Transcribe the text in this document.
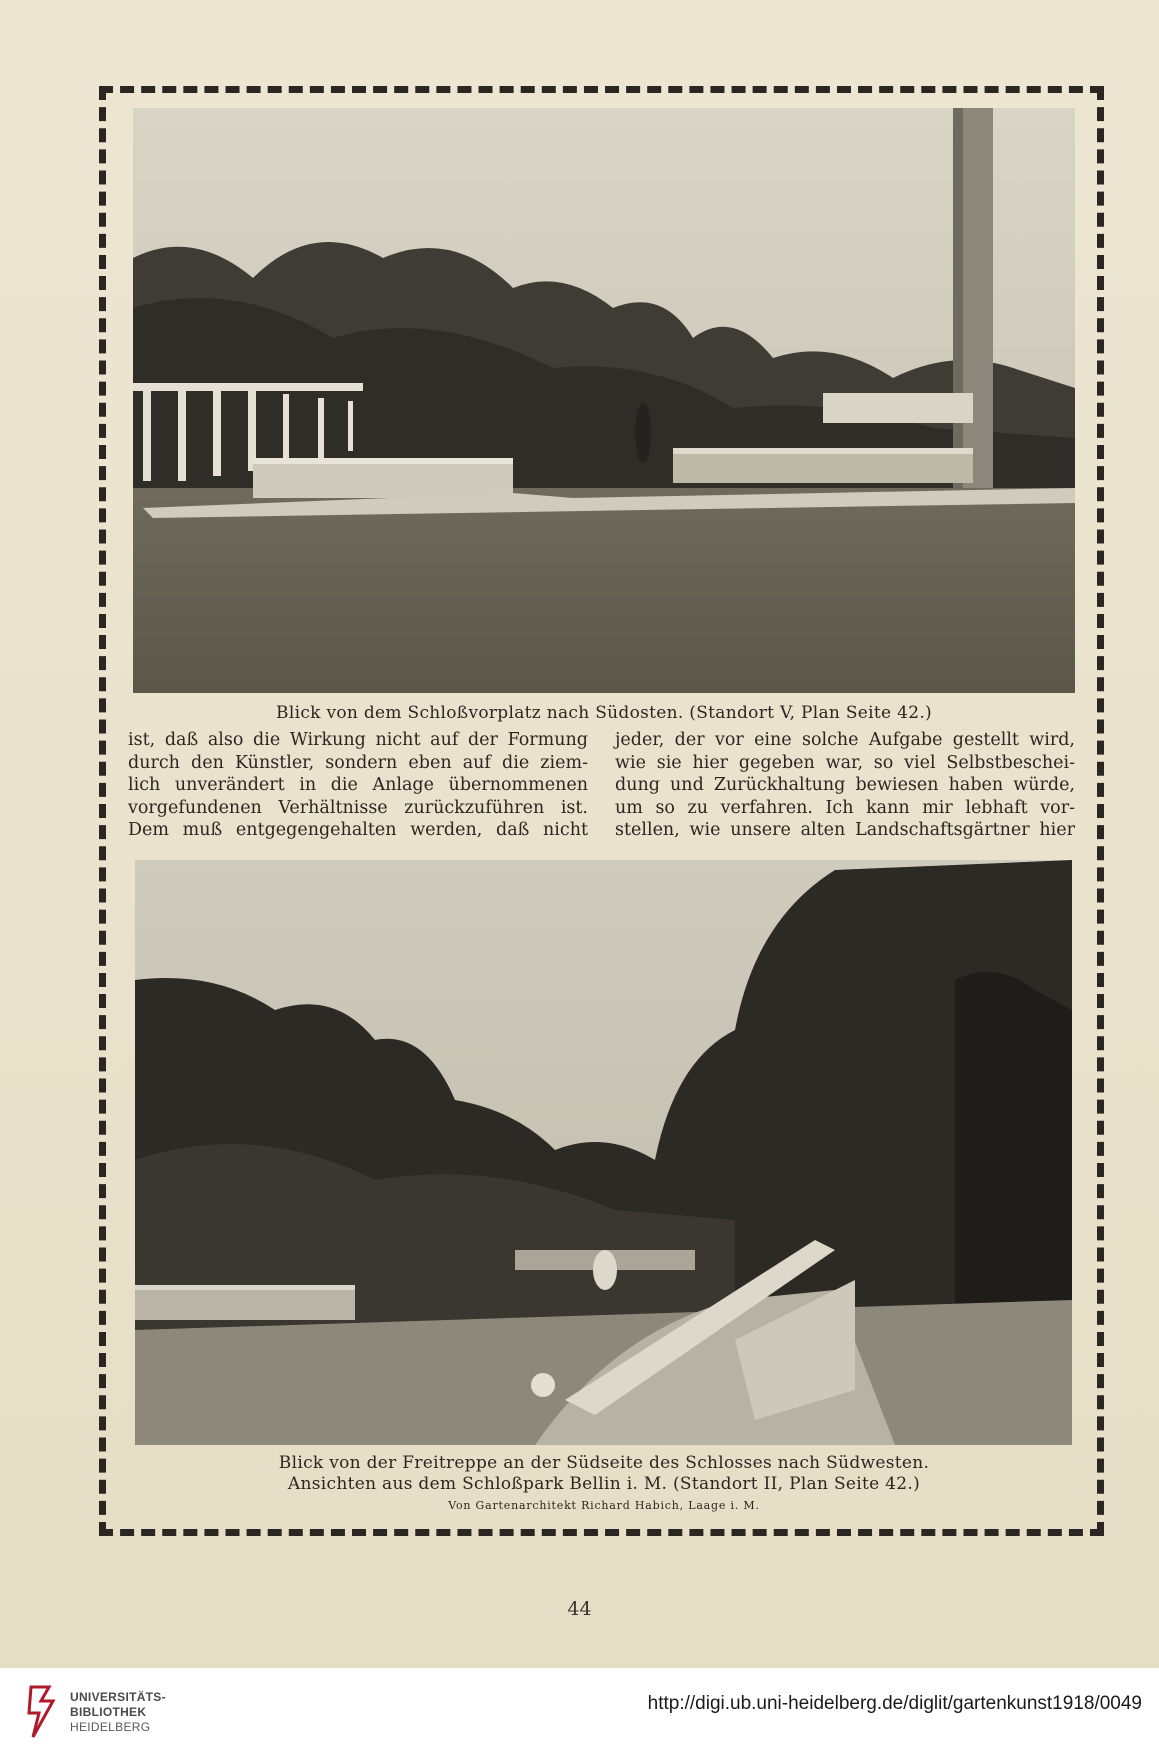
Blick von dem Schloßvorplatz nach Südosten. (Standort V, Plan Seite 42.)

ist, daß also die Wirkung nicht auf der Formung

durch den Künstler, sondern eben auf die ziem-

lich unverändert in die Anlage übernommenen

vorgefundenen Verhältnisse zurückzuführen ist.

Dem muß entgegengehalten werden, daß nicht

jeder, der vor eine solche Aufgabe gestellt wird,

wie sie hier gegeben war, so viel Selbstbeschei-

dung und Zurückhaltung bewiesen haben würde,

um so zu verfahren. Ich kann mir lebhaft vor-

stellen, wie unsere alten Landschaftsgärtner hier

Blick von der Freitreppe an der Südseite des Schlosses nach Südwesten.
Ansichten aus dem Schloßpark Bellin i. M. (Standort II, Plan Seite 42.)
Von Gartenarchitekt Richard Habich, Laage i. M.
44
UNIVERSITÄTS-
BIBLIOTHEK
HEIDELBERG
http://digi.ub.uni-heidelberg.de/diglit/gartenkunst1918/0049
